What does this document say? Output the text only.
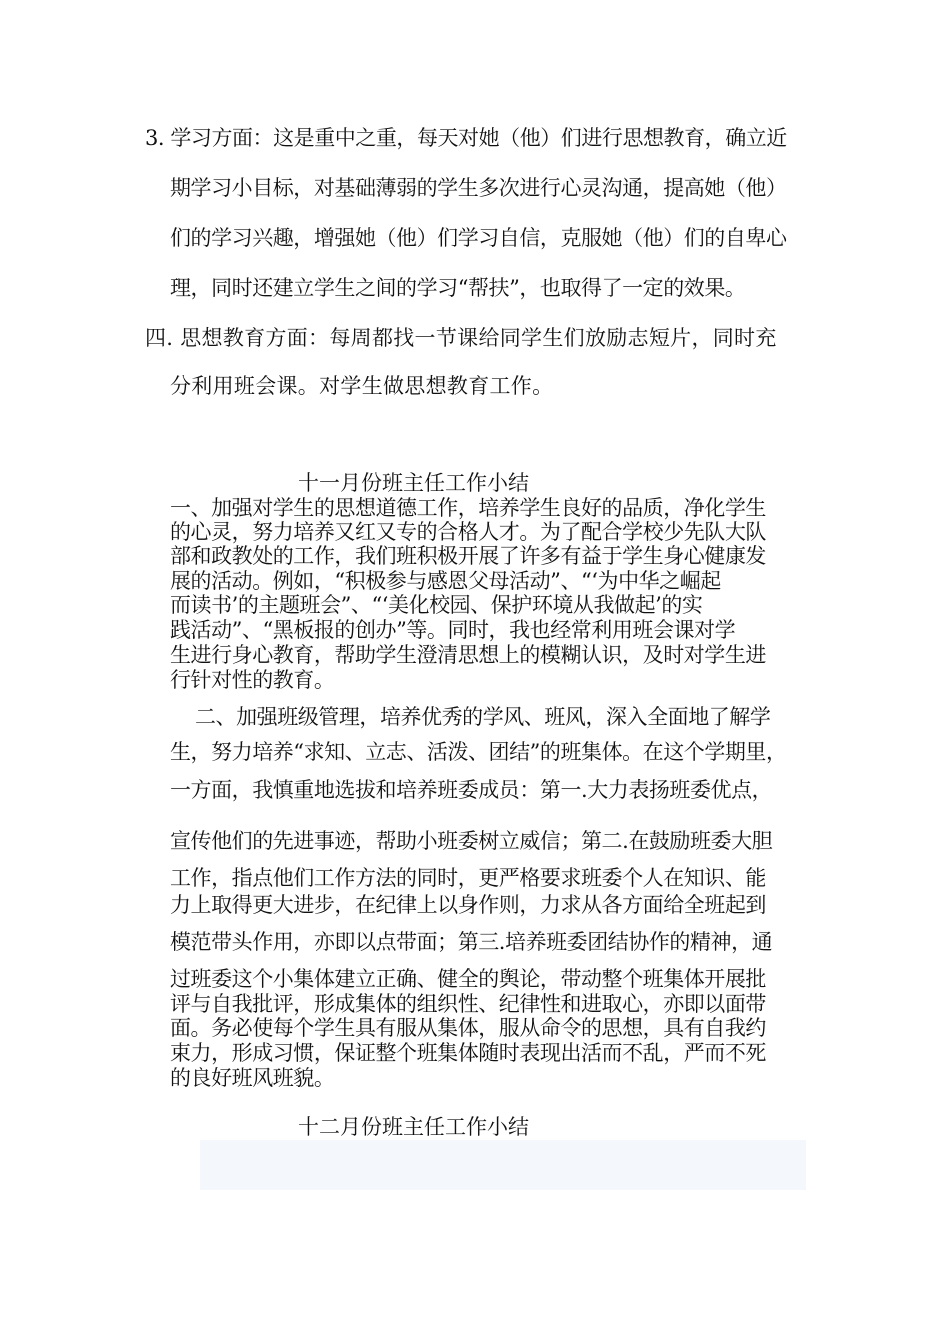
3. 学习方面：这是重中之重，每天对她（他）们进行思想教育，确立近

期学习小目标，对基础薄弱的学生多次进行心灵沟通，提高她（他）

们的学习兴趣，增强她（他）们学习自信，克服她（他）们的自卑心

理，同时还建立学生之间的学习“帮扶”，也取得了一定的效果。

四. 思想教育方面：每周都找一节课给同学生们放励志短片，同时充

分利用班会课。对学生做思想教育工作。

十一月份班主任工作小结

一、加强对学生的思想道德工作，培养学生良好的品质，净化学生

的心灵，努力培养又红又专的合格人才。为了配合学校少先队大队

部和政教处的工作，我们班积极开展了许多有益于学生身心健康发

展的活动。例如，“积极参与感恩父母活动”、“‘为中华之崛起

而读书’的主题班会”、“‘美化校园、保护环境从我做起’的实

践活动”、“黑板报的创办”等。同时，我也经常利用班会课对学

生进行身心教育，帮助学生澄清思想上的模糊认识，及时对学生进

行针对性的教育。

二、加强班级管理，培养优秀的学风、班风，深入全面地了解学

生，努力培养“求知、立志、活泼、团结”的班集体。在这个学期里，

一方面，我慎重地选拔和培养班委成员：第一.大力表扬班委优点，

宣传他们的先进事迹，帮助小班委树立威信；第二.在鼓励班委大胆

工作，指点他们工作方法的同时，更严格要求班委个人在知识、能

力上取得更大进步，在纪律上以身作则，力求从各方面给全班起到

模范带头作用，亦即以点带面；第三.培养班委团结协作的精神，通

过班委这个小集体建立正确、健全的舆论，带动整个班集体开展批

评与自我批评，形成集体的组织性、纪律性和进取心，亦即以面带

面。务必使每个学生具有服从集体，服从命令的思想，具有自我约

束力，形成习惯，保证整个班集体随时表现出活而不乱，严而不死

的良好班风班貌。

十二月份班主任工作小结
